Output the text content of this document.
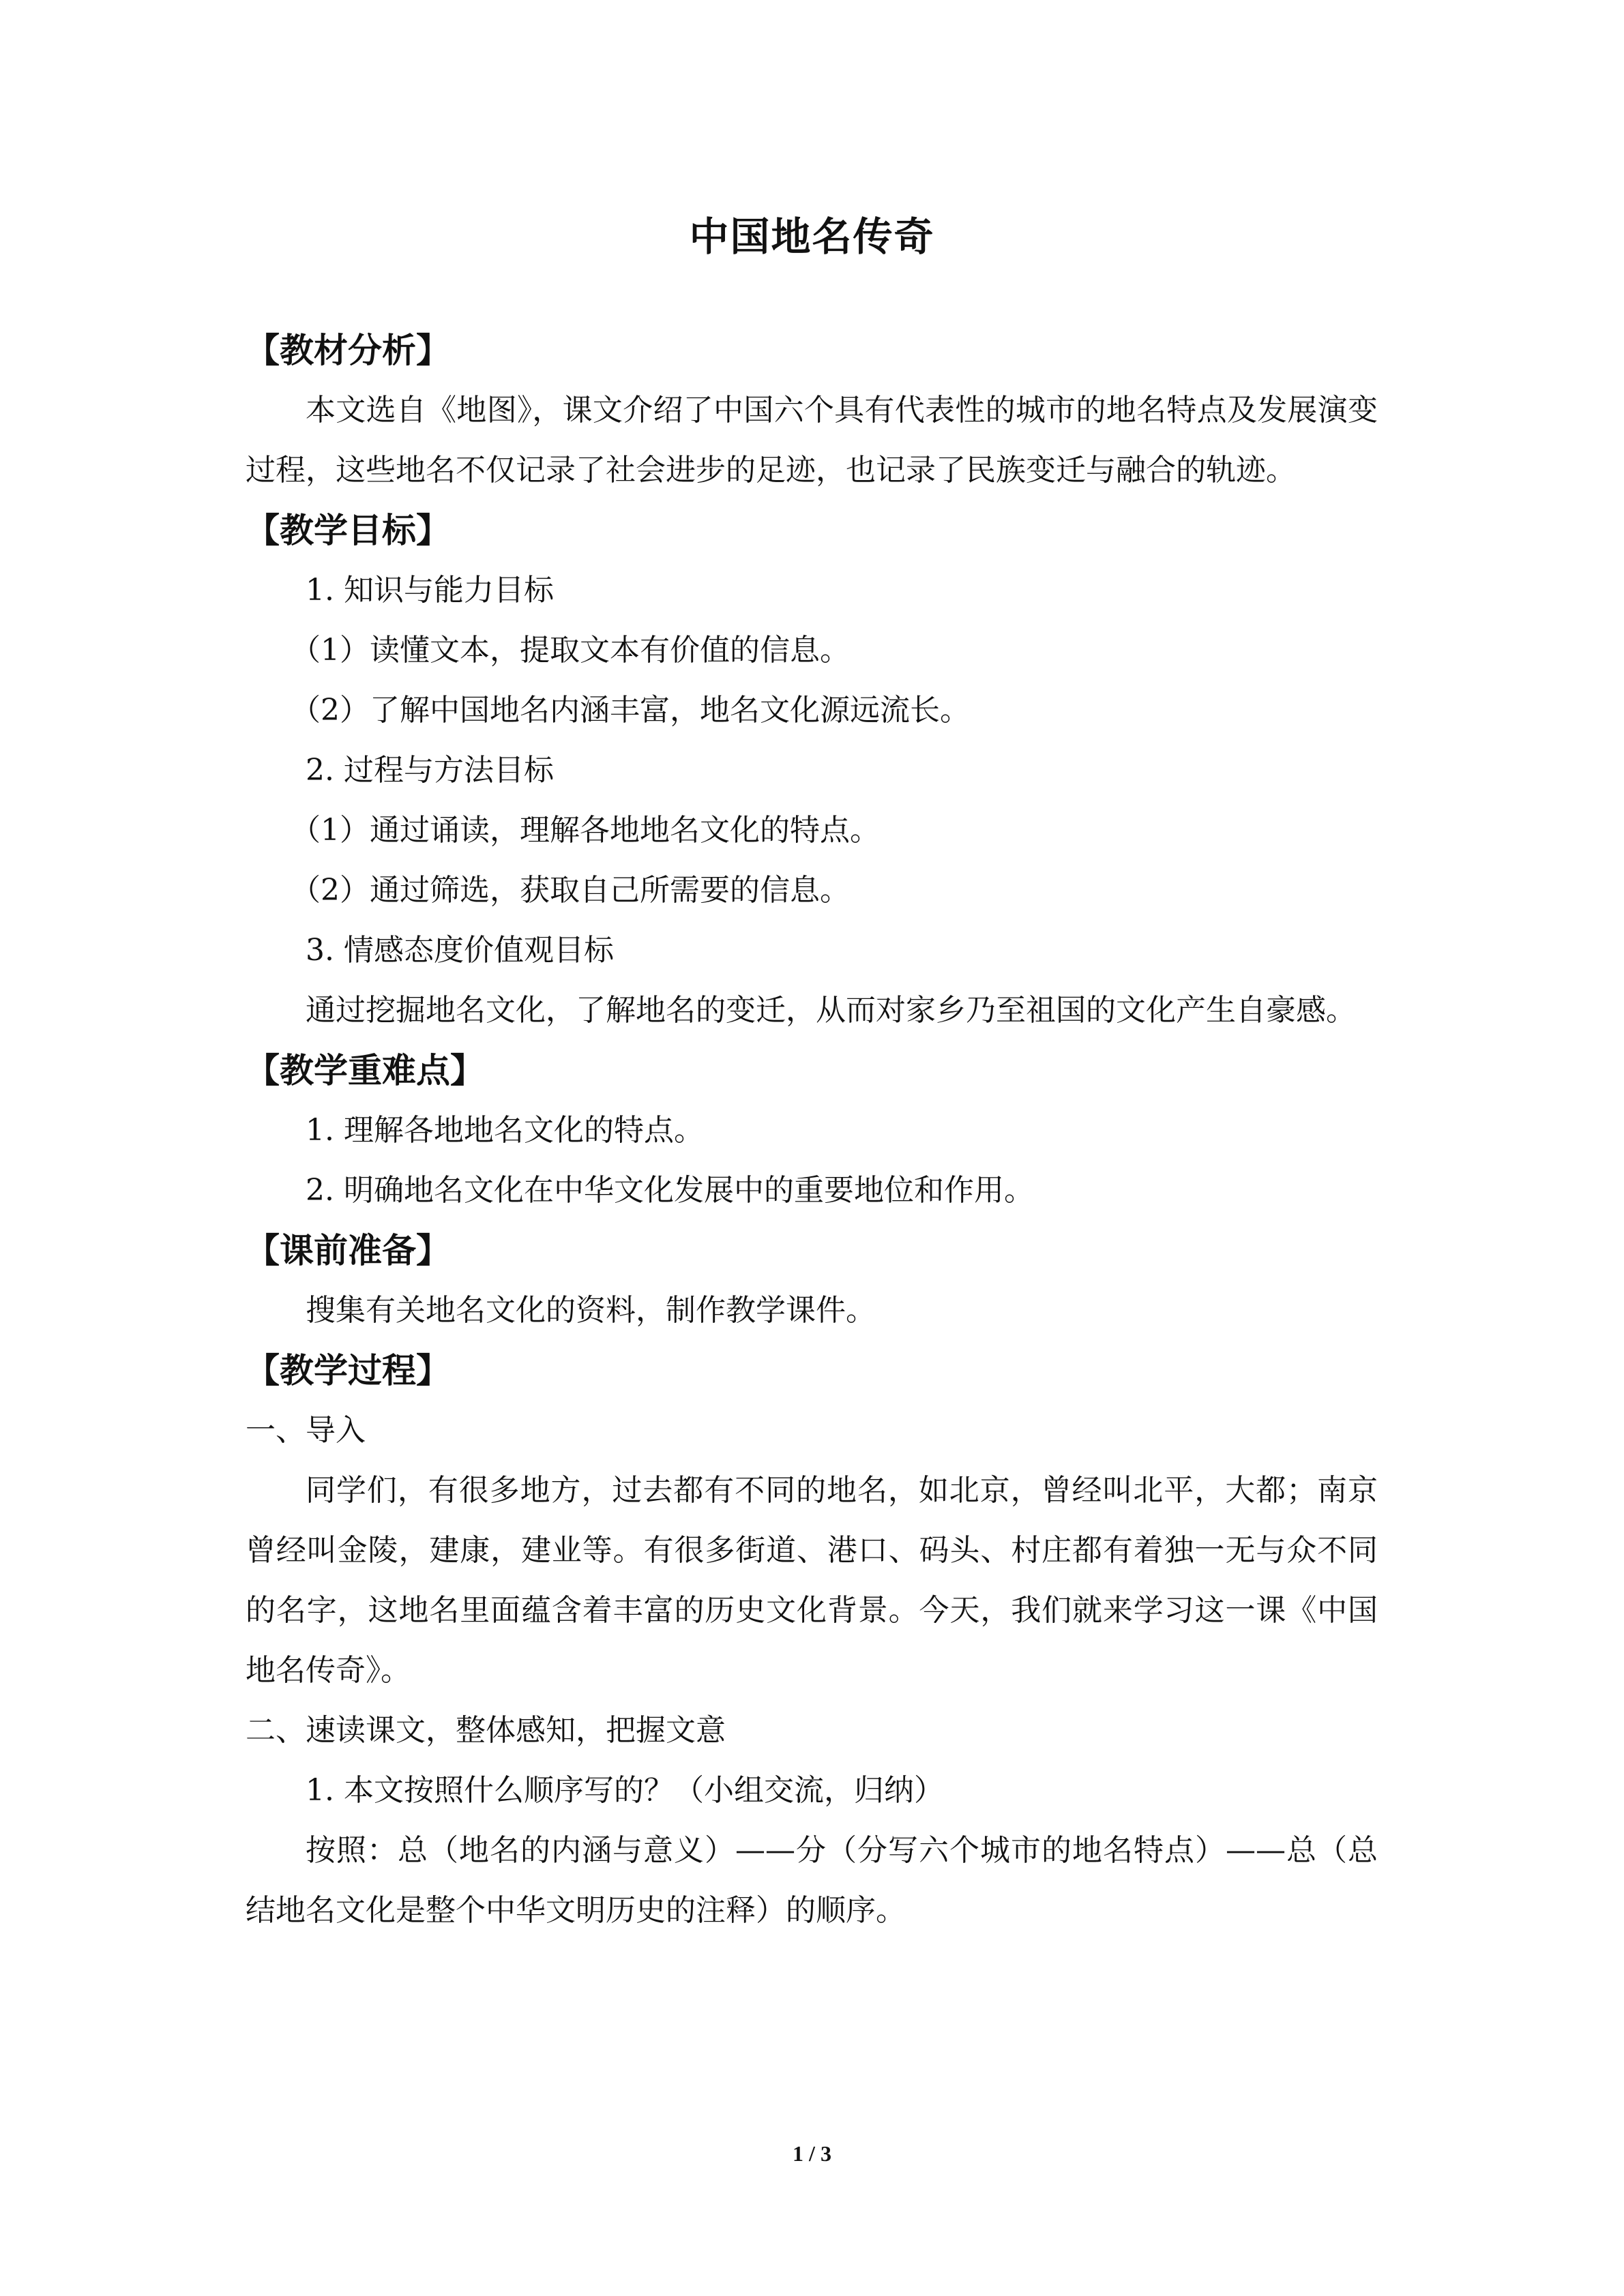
中国地名传奇
【教材分析】

本文选自《地图》，课文介绍了中国六个具有代表性的城市的地名特点及发展演变过程，这些地名不仅记录了社会进步的足迹，也记录了民族变迁与融合的轨迹。

【教学目标】

1. 知识与能力目标

（1）读懂文本，提取文本有价值的信息。

（2）了解中国地名内涵丰富，地名文化源远流长。

2. 过程与方法目标

（1）通过诵读，理解各地地名文化的特点。

（2）通过筛选，获取自己所需要的信息。

3. 情感态度价值观目标

通过挖掘地名文化，了解地名的变迁，从而对家乡乃至祖国的文化产生自豪感。

【教学重难点】

1. 理解各地地名文化的特点。

2. 明确地名文化在中华文化发展中的重要地位和作用。

【课前准备】

搜集有关地名文化的资料，制作教学课件。

【教学过程】

一、导入

同学们，有很多地方，过去都有不同的地名，如北京，曾经叫北平，大都；南京曾经叫金陵，建康，建业等。有很多街道、港口、码头、村庄都有着独一无与众不同的名字，这地名里面蕴含着丰富的历史文化背景。今天，我们就来学习这一课《中国地名传奇》。

二、速读课文，整体感知，把握文意

1. 本文按照什么顺序写的？（小组交流，归纳）

按照：总（地名的内涵与意义）——分（分写六个城市的地名特点）——总（总结地名文化是整个中华文明历史的注释）的顺序。

1 / 3
